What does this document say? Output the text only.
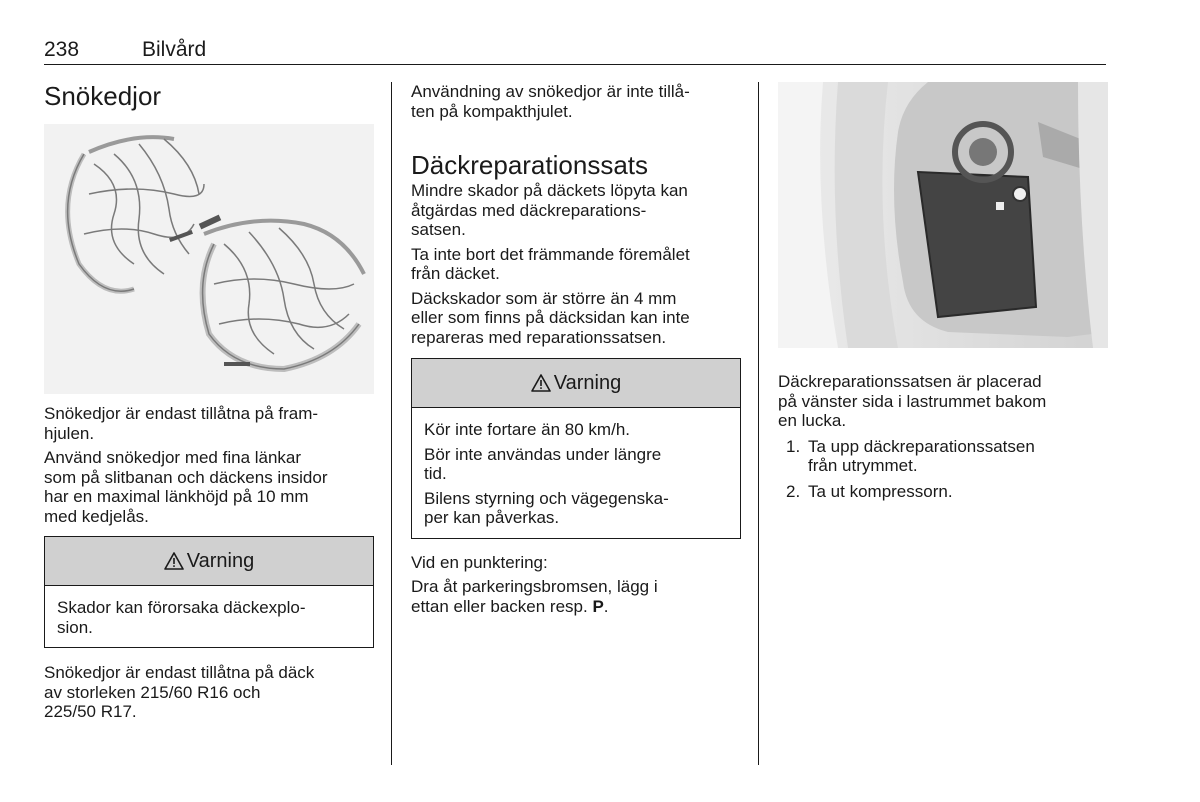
238	Bilvård
Snökedjor

Snökedjor är endast tillåtna på fram-
hjulen.

Använd snökedjor med fina länkar
som på slitbanan och däckens insidor
har en maximal länkhöjd på 10 mm
med kedjelås.

Varning

Skador kan förorsaka däckexplo-
sion.

Snökedjor är endast tillåtna på däck
av storleken 215/60 R16 och
225/50 R17.

Användning av snökedjor är inte tillå-
ten på kompakthjulet.

Däckreparationssats

Mindre skador på däckets löpyta kan
åtgärdas med däckreparations-
satsen.

Ta inte bort det främmande föremålet
från däcket.

Däckskador som är större än 4 mm
eller som finns på däcksidan kan inte
repareras med reparationssatsen.

Varning

Kör inte fortare än 80 km/h.

Bör inte användas under längre
tid.

Bilens styrning och vägegenska-
per kan påverkas.

Vid en punktering:

Dra åt parkeringsbromsen, lägg i
ettan eller backen resp. P.

Däckreparationssatsen är placerad
på vänster sida i lastrummet bakom
en lucka.

1. Ta upp däckreparationssatsen
från utrymmet.
2. Ta ut kompressorn.
